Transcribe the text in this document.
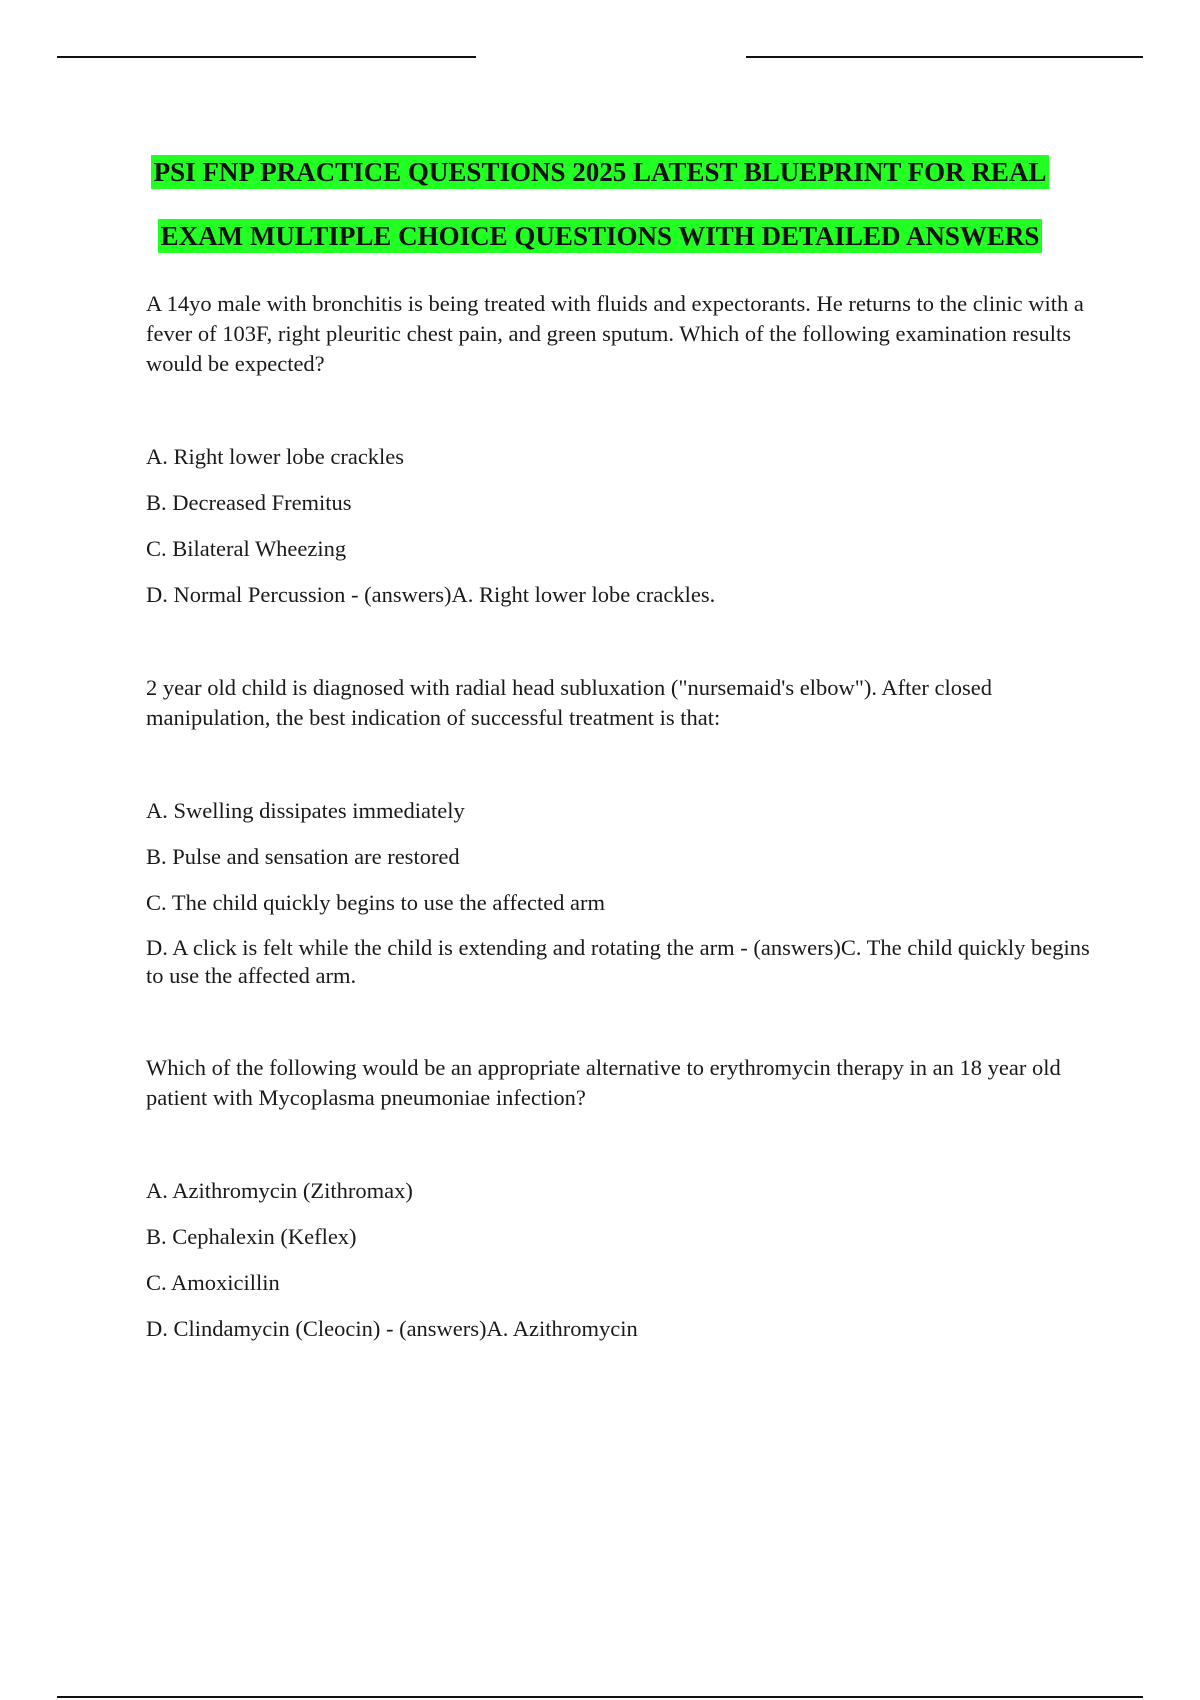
PSI FNP PRACTICE QUESTIONS 2025 LATEST BLUEPRINT FOR REAL
EXAM MULTIPLE CHOICE QUESTIONS WITH DETAILED ANSWERS

A 14yo male with bronchitis is being treated with fluids and expectorants. He returns to the clinic with a fever of 103F, right pleuritic chest pain, and green sputum. Which of the following examination results would be expected?

A. Right lower lobe crackles

B. Decreased Fremitus

C. Bilateral Wheezing

D. Normal Percussion - (answers)A. Right lower lobe crackles.

2 year old child is diagnosed with radial head subluxation ("nursemaid's elbow"). After closed manipulation, the best indication of successful treatment is that:

A. Swelling dissipates immediately

B. Pulse and sensation are restored

C. The child quickly begins to use the affected arm

D. A click is felt while the child is extending and rotating the arm - (answers)C. The child quickly begins to use the affected arm.

Which of the following would be an appropriate alternative to erythromycin therapy in an 18 year old patient with Mycoplasma pneumoniae infection?

A. Azithromycin (Zithromax)

B. Cephalexin (Keflex)

C. Amoxicillin

D. Clindamycin (Cleocin) - (answers)A. Azithromycin
